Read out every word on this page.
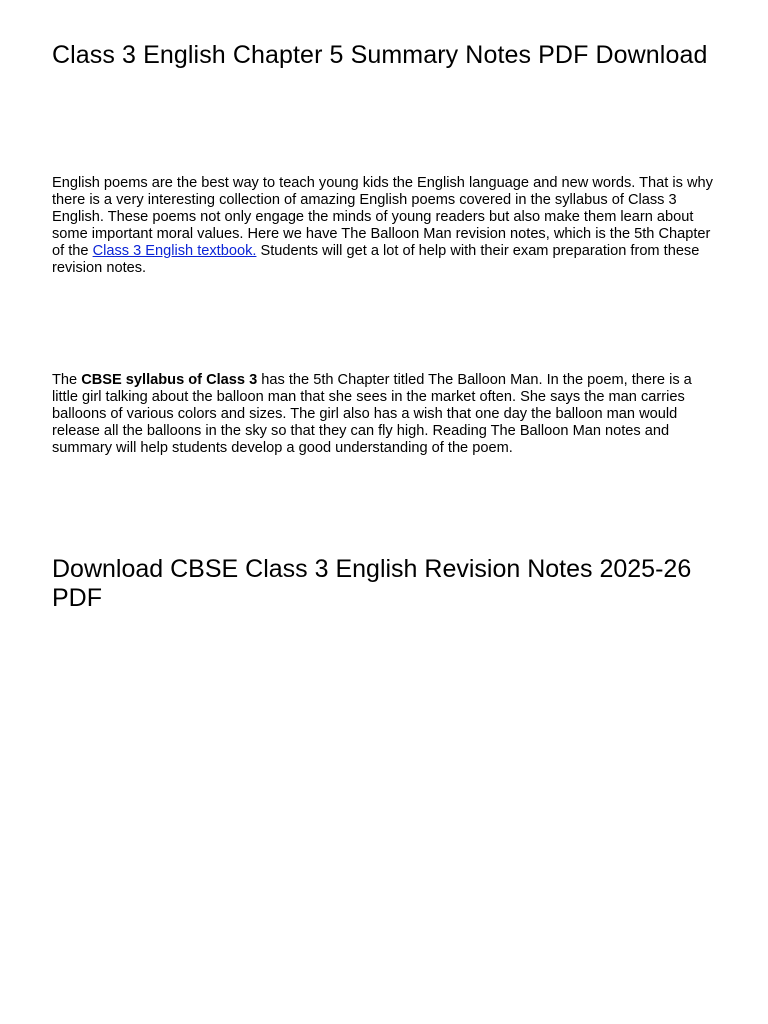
Class 3 English Chapter 5 Summary Notes PDF Download

English poems are the best way to teach young kids the English language and new words. That is why there is a very interesting collection of amazing English poems covered in the syllabus of Class 3 English. These poems not only engage the minds of young readers but also make them learn about some important moral values. Here we have The Balloon Man revision notes, which is the 5th Chapter of the Class 3 English textbook. Students will get a lot of help with their exam preparation from these revision notes.

The CBSE syllabus of Class 3 has the 5th Chapter titled The Balloon Man. In the poem, there is a little girl talking about the balloon man that she sees in the market often. She says the man carries balloons of various colors and sizes. The girl also has a wish that one day the balloon man would release all the balloons in the sky so that they can fly high. Reading The Balloon Man notes and summary will help students develop a good understanding of the poem.

Download CBSE Class 3 English Revision Notes 2025-26 PDF
